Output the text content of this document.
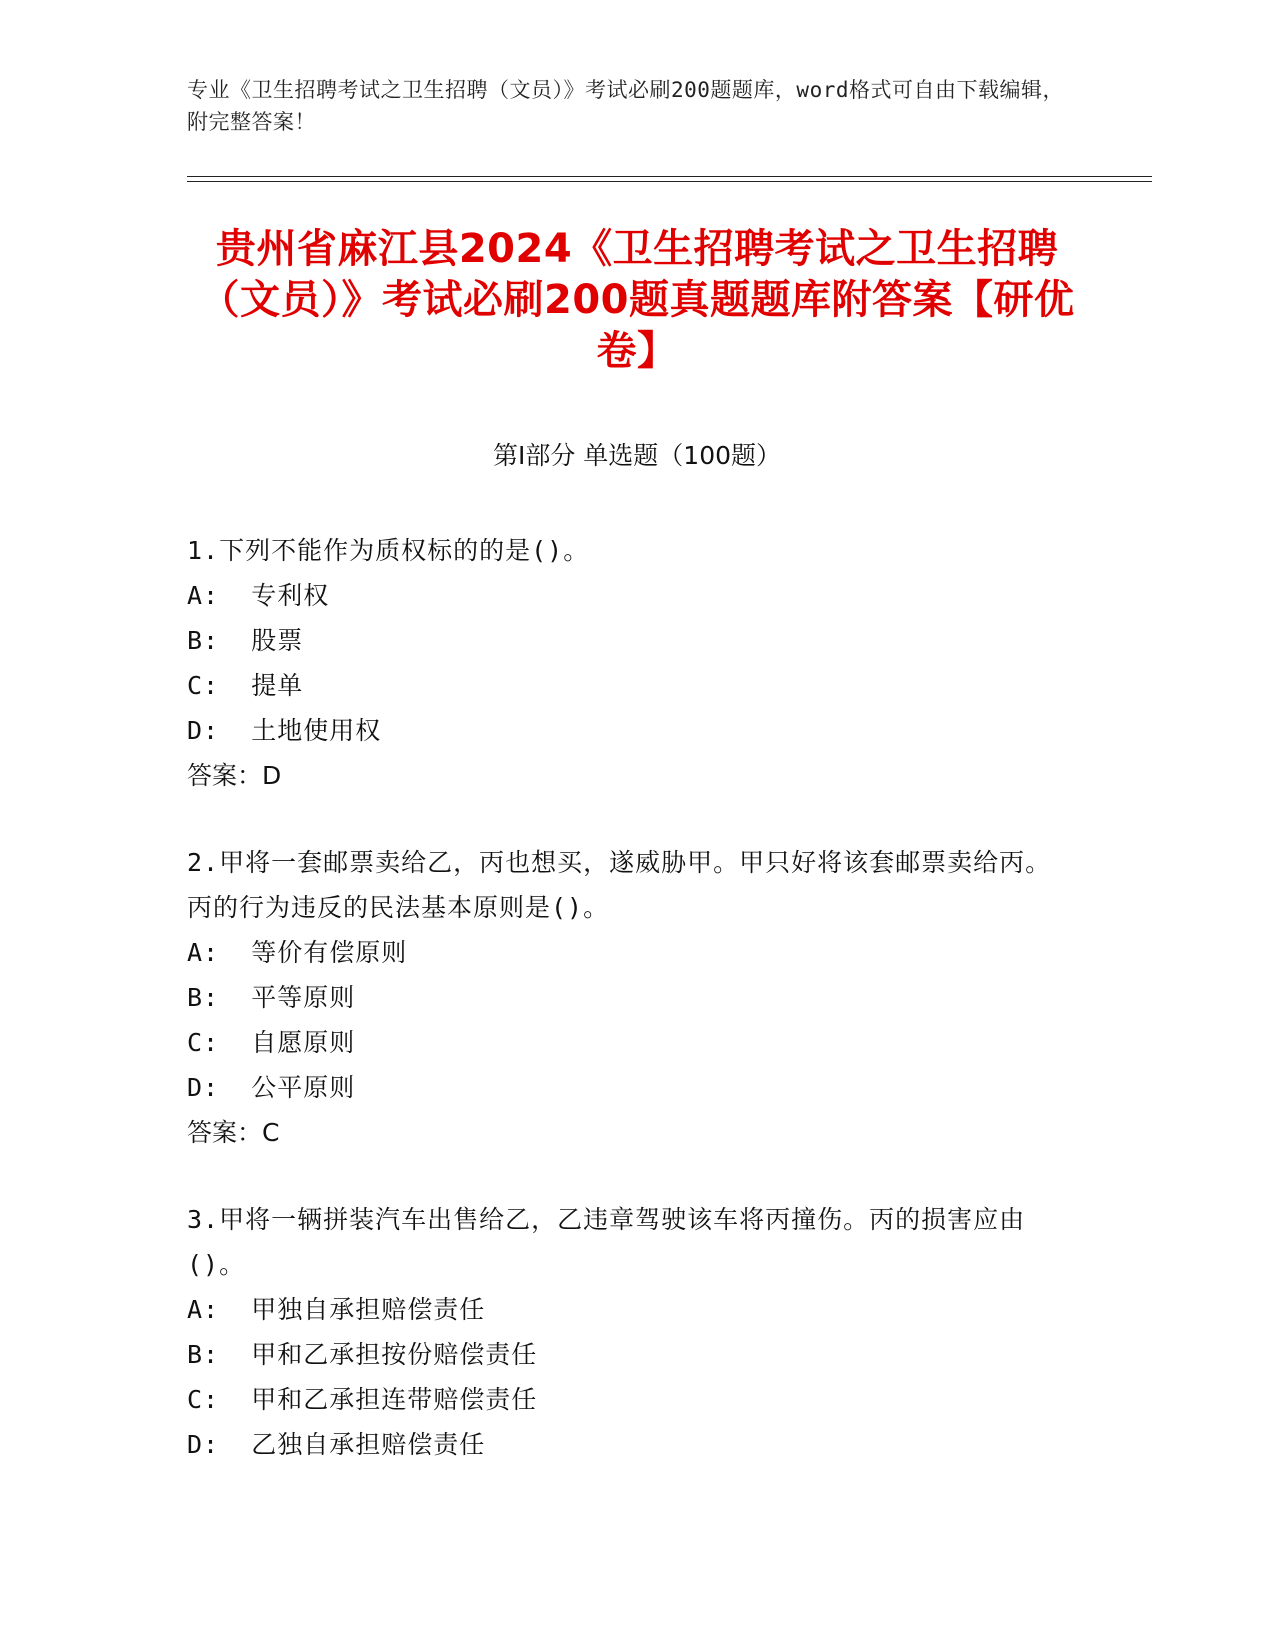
专业《卫生招聘考试之卫生招聘（文员）》考试必刷200题题库，word格式可自由下载编辑，附完整答案！
贵州省麻江县2024《卫生招聘考试之卫生招聘（文员）》考试必刷200题真题题库附答案【研优卷】
第Ⅰ部分 单选题（100题）
1.下列不能作为质权标的的是()。
A:  专利权
B:  股票
C:  提单
D:  土地使用权
答案：D
2.甲将一套邮票卖给乙，丙也想买，遂威胁甲。甲只好将该套邮票卖给丙。丙的行为违反的民法基本原则是()。
A:  等价有偿原则
B:  平等原则
C:  自愿原则
D:  公平原则
答案：C
3.甲将一辆拼装汽车出售给乙，乙违章驾驶该车将丙撞伤。丙的损害应由()。
A:  甲独自承担赔偿责任
B:  甲和乙承担按份赔偿责任
C:  甲和乙承担连带赔偿责任
D:  乙独自承担赔偿责任
